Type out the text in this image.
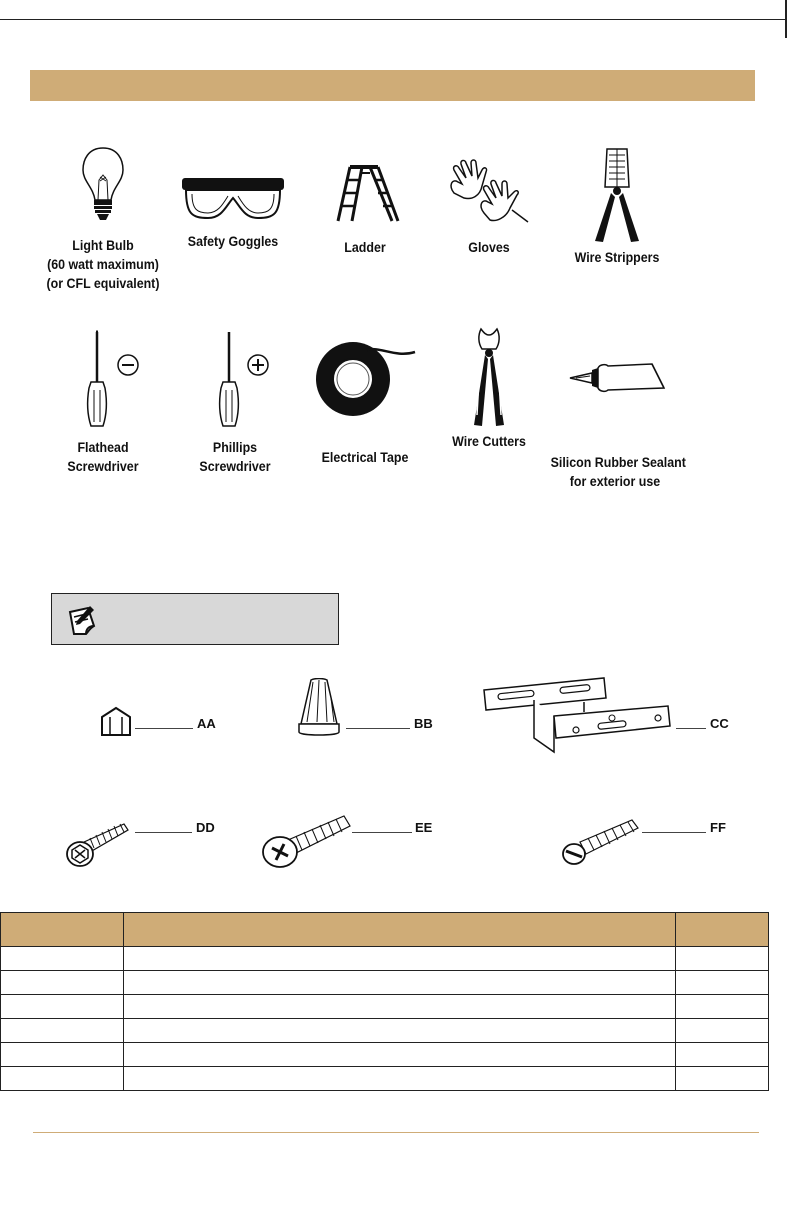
Light Bulb
(60 watt maximum)
(or CFL equivalent)
Safety Goggles	Ladder	Gloves
Wire Strippers
Flathead
Screwdriver
Phillips
Screwdriver
Electrical Tape
Wire Cutters
Silicon Rubber Sealant
for exterior use
AA	BB	CC
DD	EE	FF
